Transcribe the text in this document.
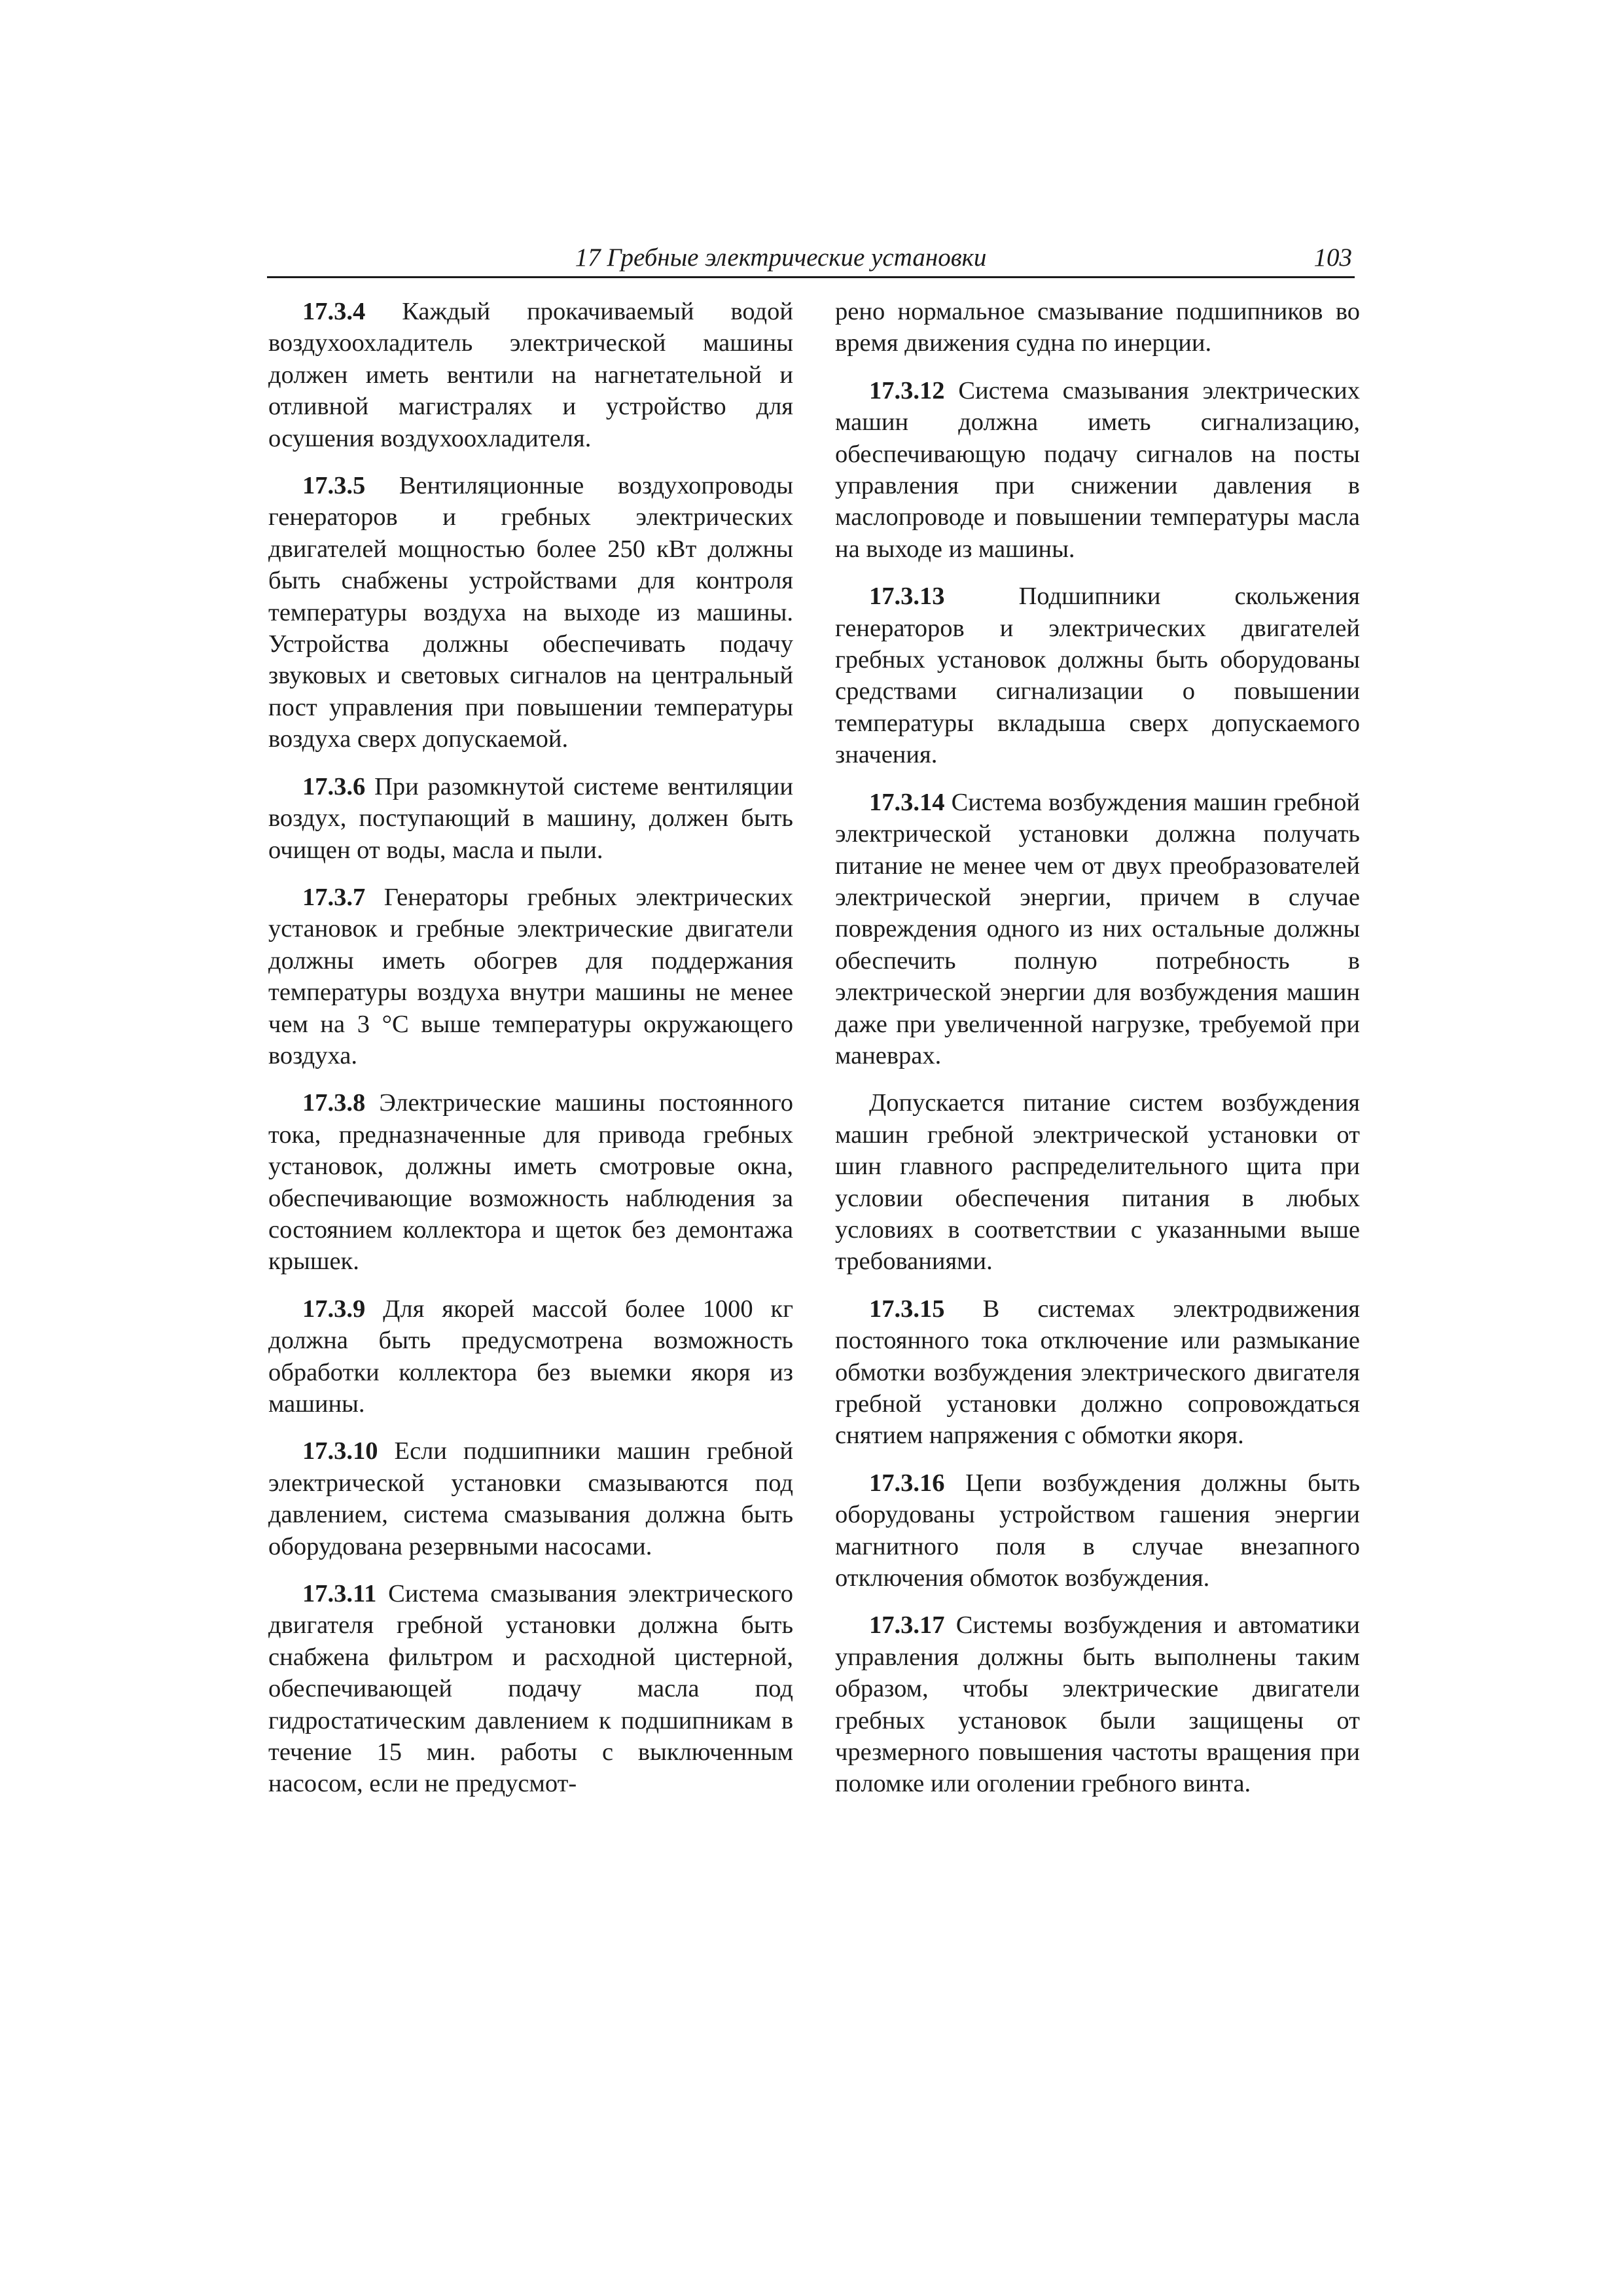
17 Гребные электрические установки	103

17.3.4 Каждый прокачиваемый водой воздухоохладитель электрической машины должен иметь вентили на нагнетательной и отливной магистралях и устройство для осушения воздухоохладителя.

17.3.5 Вентиляционные воздухопроводы генераторов и гребных электрических двигателей мощностью более 250 кВт должны быть снабжены устройствами для контроля температуры воздуха на выходе из машины. Устройства должны обеспечивать подачу звуковых и световых сигналов на центральный пост управления при повышении температуры воздуха сверх допускаемой.

17.3.6 При разомкнутой системе вентиляции воздух, поступающий в машину, должен быть очищен от воды, масла и пыли.

17.3.7 Генераторы гребных электрических установок и гребные электрические двигатели должны иметь обогрев для поддержания температуры воздуха внутри машины не менее чем на 3 °С выше температуры окружающего воздуха.

17.3.8 Электрические машины постоянного тока, предназначенные для привода гребных установок, должны иметь смотровые окна, обеспечивающие возможность наблюдения за состоянием коллектора и щеток без демонтажа крышек.

17.3.9 Для якорей массой более 1000 кг должна быть предусмотрена возможность обработки коллектора без выемки якоря из машины.

17.3.10 Если подшипники машин гребной электрической установки смазываются под давлением, система смазывания должна быть оборудована резервными насосами.

17.3.11 Система смазывания электрического двигателя гребной установки должна быть снабжена фильтром и расходной цистерной, обеспечивающей подачу масла под гидростатическим давлением к подшипникам в течение 15 мин. работы с выключенным насосом, если не предусмот-

рено нормальное смазывание подшипников во время движения судна по инерции.

17.3.12 Система смазывания электрических машин должна иметь сигнализацию, обеспечивающую подачу сигналов на посты управления при снижении давления в маслопроводе и повышении температуры масла на выходе из машины.

17.3.13	Подшипники скольжения генераторов и электрических двигателей гребных установок должны быть оборудованы средствами сигнализации о повышении температуры вкладыша сверх допускаемого значения.

17.3.14 Система возбуждения машин гребной электрической установки должна получать питание не менее чем от двух преобразователей электрической энергии, причем в случае повреждения одного из них остальные должны обеспечить полную потребность в электрической энергии для возбуждения машин даже при увеличенной нагрузке, требуемой при маневрах.

Допускается питание систем возбуждения машин гребной электрической установки от шин главного распределительного щита при условии обеспечения питания в любых условиях в соответствии с указанными выше требованиями.

17.3.15 В системах электродвижения постоянного тока отключение или размыкание обмотки возбуждения электрического двигателя гребной установки должно сопровождаться снятием напряжения с обмотки якоря.

17.3.16 Цепи возбуждения должны быть оборудованы устройством гашения энергии магнитного поля в случае внезапного отключения обмоток возбуждения.

17.3.17 Системы возбуждения и автоматики управления должны быть выполнены таким образом, чтобы электрические двигатели гребных установок были защищены от чрезмерного повышения частоты вращения при поломке или оголении гребного винта.
